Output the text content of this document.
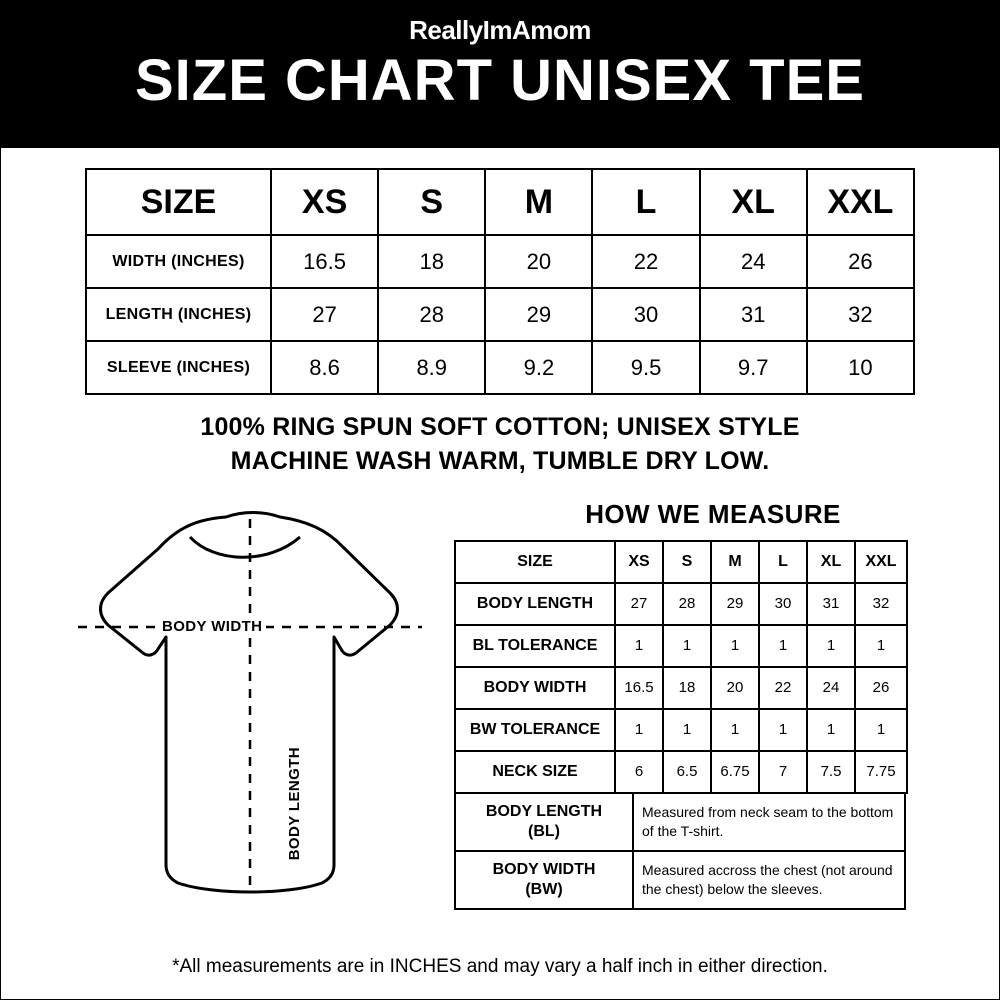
ReallyImAmom
SIZE CHART UNISEX TEE
SIZE	XS	S	M	L	XL	XXL
WIDTH (INCHES)	16.5	18	20	22	24	26
LENGTH (INCHES)	27	28	29	30	31	32
SLEEVE (INCHES)	8.6	8.9	9.2	9.5	9.7	10
100% RING SPUN SOFT COTTON; UNISEX STYLE
MACHINE WASH WARM, TUMBLE DRY LOW.
BODY WIDTH
BODY LENGTH
HOW WE MEASURE
SIZE	XS	S	M	L	XL	XXL
BODY LENGTH	27	28	29	30	31	32
BL TOLERANCE	1	1	1	1	1	1
BODY WIDTH	16.5	18	20	22	24	26
BW TOLERANCE	1	1	1	1	1	1
NECK SIZE	6	6.5	6.75	7	7.5	7.75
BODY LENGTH
(BL)	Measured from neck seam to the bottom of the T-shirt.
BODY WIDTH
(BW)	Measured accross the chest (not around the chest) below the sleeves.
*All measurements are in INCHES and may vary a half inch in either direction.
